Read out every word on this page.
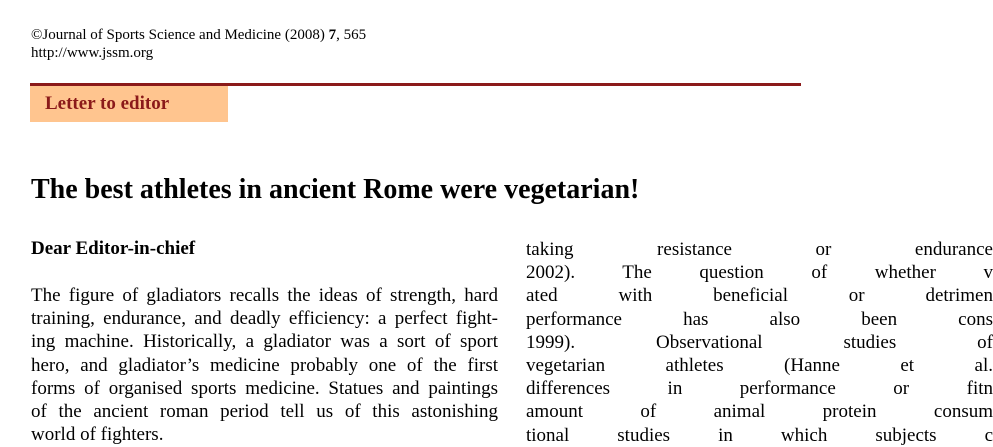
©Journal of Sports Science and Medicine (2008) 7, 565
http://www.jssm.org
Letter to editor
The best athletes in ancient Rome were vegetarian!
Dear Editor-in-chief
The figure of gladiators recalls the ideas of strength, hard
training, endurance, and deadly efficiency: a perfect fight-
ing machine. Historically, a gladiator was a sort of sport
hero, and gladiator’s medicine probably one of the first
forms of organised sports medicine. Statues and paintings
of the ancient roman period tell us of this astonishing
world of fighters.
taking resistance or endurance
2002). The question of whether v
ated with beneficial or detrimen
performance has also been cons
1999). Observational studies of
vegetarian athletes (Hanne et al.
differences in performance or fitn
amount of animal protein consum
tional studies in which subjects c
